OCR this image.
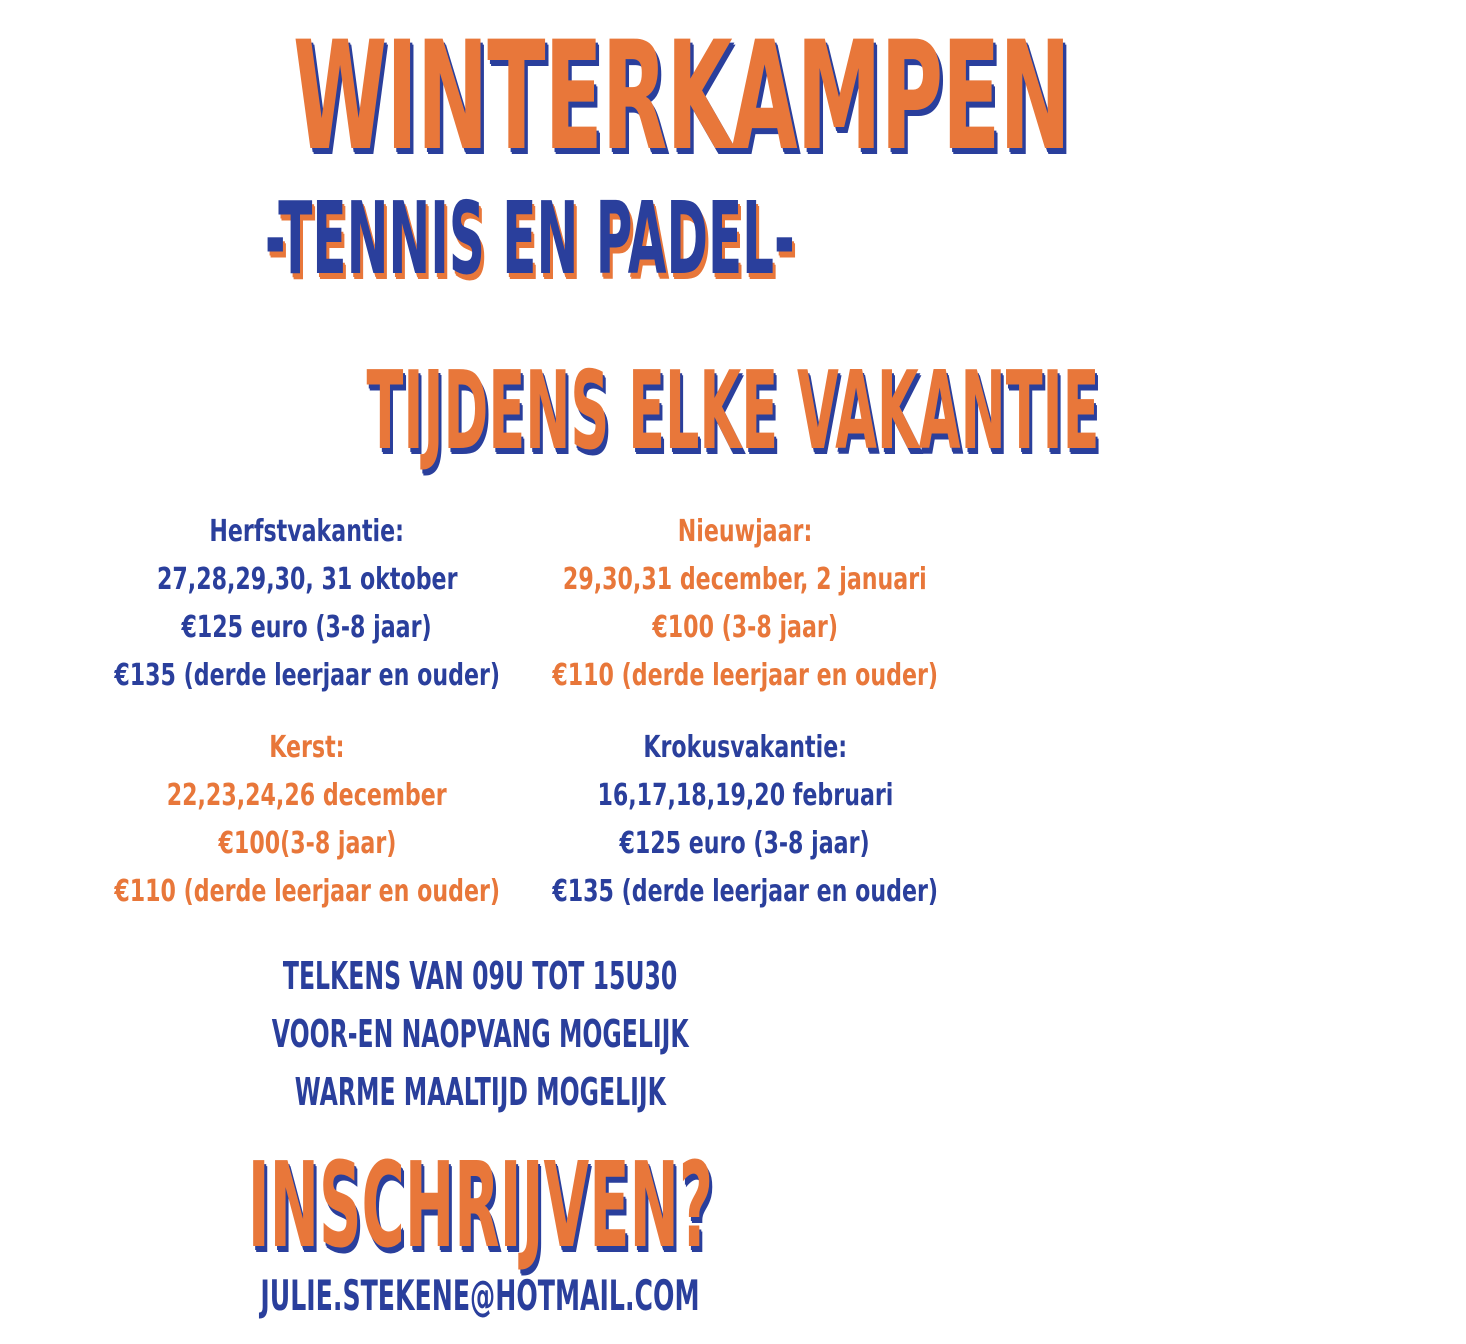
WINTERKAMPEN
-TENNIS EN PADEL-
TIJDENS ELKE VAKANTIE
Herfstvakantie:
27,28,29,30, 31 oktober
€125 euro (3-8 jaar)
€135 (derde leerjaar en ouder)
Nieuwjaar:
29,30,31 december, 2 januari
€100 (3-8 jaar)
€110 (derde leerjaar en ouder)
Kerst:
22,23,24,26 december
€100(3-8 jaar)
€110 (derde leerjaar en ouder)
Krokusvakantie:
16,17,18,19,20 februari
€125 euro (3-8 jaar)
€135 (derde leerjaar en ouder)
TELKENS VAN 09U TOT 15U30
VOOR-EN NAOPVANG MOGELIJK
WARME MAALTIJD MOGELIJK
INSCHRIJVEN?
JULIE.STEKENE@HOTMAIL.COM
